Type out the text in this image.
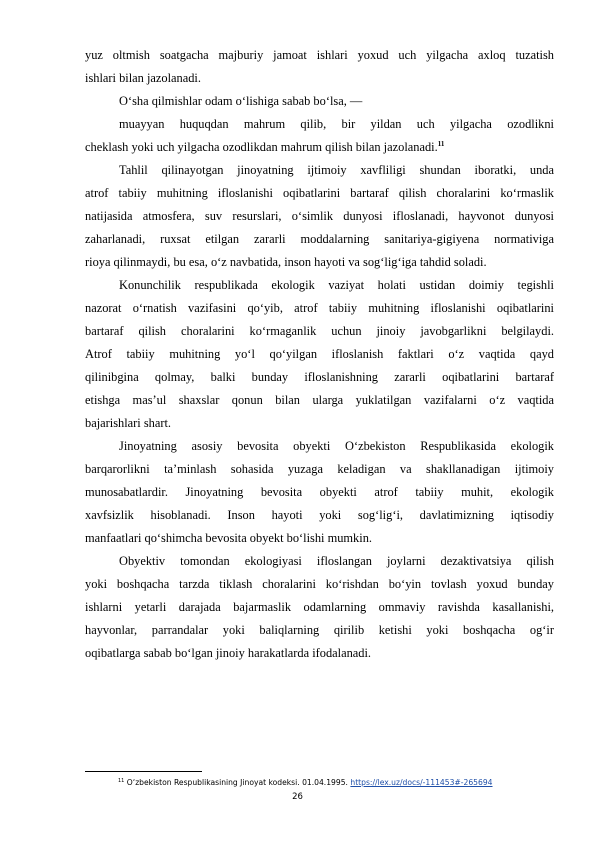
yuz oltmish soatgacha majburiy jamoat ishlari yoxud uch yilgacha axloq tuzatish
ishlari bilan jazolanadi.
O‘sha qilmishlar odam o‘lishiga sabab bo‘lsa, —
muayyan huquqdan mahrum qilib, bir yildan uch yilgacha ozodlikni
cheklash yoki uch yilgacha ozodlikdan mahrum qilish bilan jazolanadi.$^{11}$
Tahlil qilinayotgan jinoyatning ijtimoiy xavfliligi shundan iboratki, unda
atrof tabiiy muhitning ifloslanishi oqibatlarini bartaraf qilish choralarini ko‘rmaslik
natijasida atmosfera, suv resurslari, o‘simlik dunyosi ifloslanadi, hayvonot dunyosi
zaharlanadi, ruxsat etilgan zararli moddalarning sanitariya-gigiyena normativiga
rioya qilinmaydi, bu esa, o‘z navbatida, inson hayoti va sog‘lig‘iga tahdid soladi.
Konunchilik respublikada ekologik vaziyat holati ustidan doimiy tegishli
nazorat o‘rnatish vazifasini qo‘yib, atrof tabiiy muhitning ifloslanishi oqibatlarini
bartaraf qilish choralarini ko‘rmaganlik uchun jinoiy javobgarlikni belgilaydi.
Atrof tabiiy muhitning yo‘l qo‘yilgan ifloslanish faktlari o‘z vaqtida qayd
qilinibgina qolmay, balki bunday ifloslanishning zararli oqibatlarini bartaraf
etishga mas’ul shaxslar qonun bilan ularga yuklatilgan vazifalarni o‘z vaqtida
bajarishlari shart.
Jinoyatning asosiy bevosita obyekti O‘zbekiston Respublikasida ekologik
barqarorlikni ta’minlash sohasida yuzaga keladigan va shakllanadigan ijtimoiy
munosabatlardir. Jinoyatning bevosita obyekti atrof tabiiy muhit, ekologik
xavfsizlik hisoblanadi. Inson hayoti yoki sog‘lig‘i, davlatimizning iqtisodiy
manfaatlari qo‘shimcha bevosita obyekt bo‘lishi mumkin.
Obyektiv tomondan ekologiyasi ifloslangan joylarni dezaktivatsiya qilish
yoki boshqacha tarzda tiklash choralarini ko‘rishdan bo‘yin tovlash yoxud bunday
ishlarni yetarli darajada bajarmaslik odamlarning ommaviy ravishda kasallanishi,
hayvonlar, parrandalar yoki baliqlarning qirilib ketishi yoki boshqacha og‘ir
oqibatlarga sabab bo‘lgan jinoiy harakatlarda ifodalanadi.
$^{11}$ O‘zbekiston Respublikasining Jinoyat kodeksi. 01.04.1995. https://lex.uz/docs/-111453#-265694
26
